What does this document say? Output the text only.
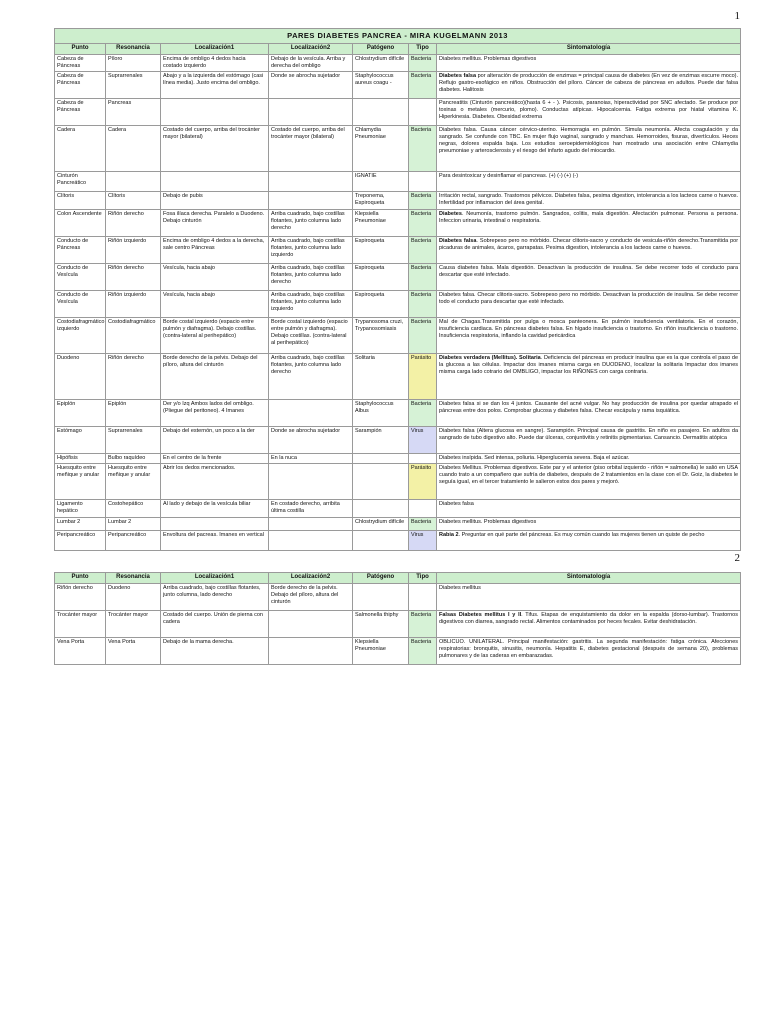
1
PARES DIABETES PANCREA - MIRA KUGELMANN 2013						
Punto	Resonancia	Localización1	Localización2	Patógeno	Tipo	Sintomatología
Cabeza de Páncreas	Píloro	Encima de ombligo 4 dedos hacia costado izquierdo	Debajo de la vesícula. Arriba y derecha del ombligo	Chlostrydium difícile	Bacteria	Diabetes mellitus. Problemas digestivos
Cabeza de Páncreas	Suprarrenales	Abajo y a la izquierda del estómago (casi línea media). Justo encima del ombligo.	Donde se abrocha sujetador	Staphylococcus aureus coagu -	Bacteria	Diabetes falsa por alteración de producción de enzimas = principal causa de diabetes (En vez de enzimas escurre moco). Reflujo gastro-esofágico en niños. Obstrucción del píloro. Cáncer de cabeza de páncreas en adultos. Puede dar falsa diabetes. Halitosis
Cabeza de Páncreas	Pancreas					Pancreatitis (Cinturón pancreático)(hasta 6 + - ). Psicosis, paranoias, hiperactividad por SNC afectado. Se produce por toxinas o metales (mercurio, plomo). Conductas atípicas. Hipocalcemia. Fatiga extrema por hiatal vitamina K. Hiperkinesia. Diabetes. Obesidad extrema
Cadera	Cadera	Costado del cuerpo, arriba del trocánter mayor (bilateral)	Costado del cuerpo, arriba del trocánter mayor (bilateral)	Chlamydia Pneumoniae	Bacteria	Diabetes falsa. Causa cáncer cérvico-uterino. Hemorragia en pulmón. Simula neumonía. Afecta coagulación y da sangrado. Se confunde con TBC. En mujer flujo vaginal, sangrado y manchas. Hemorroides, fisuras, divertículos. Heces negras, dolores espalda baja. Los estudios seroepidemiológicos han mostrado una asociación entre Chlamydia pneumoniae y arterosclerosis y el riesgo del infarto agudo del miocardio.
Cinturón Pancreático				IGNATIE		Para desintoxicar y desinflamar el pancreas. (+) (-) (+) (-)
Clítoris	Clítoris	Debajo de pubis		Treponema, Espiroqueta	Bacteria	Irritación rectal, sangrado. Trastornos pélvicos. Diabetes falsa, pesima digestion, intolerancia a los lacteos carne o huevos. Infertilidad por inflamacion del área genital.
Colon Ascendente	Riñón derecho	Fosa ilíaca derecha. Paralelo a Duodeno. Debajo cinturón	Arriba cuadrado, bajo costillas flotantes, junto columna lado derecho	Klepsiella Pneumoniae	Bacteria	Diabetes. Neumonía, trastorno pulmón. Sangrados, colitis, mala digestión. Afectación pulmonar. Persona a persona. Infeccion urinaria, intestinal o respiratoria.
Conducto de Páncreas	Riñón izquierdo	Encima de ombligo 4 dedos a la derecha, sale centro Páncreas	Arriba cuadrado, bajo costillas flotantes, junto columna lado izquierdo	Espiroqueta	Bacteria	Diabetes falsa. Sobrepeso pero no mórbido. Checar clitoris-sacro y conducto de vesicula-riñón derecho.Transmitida por picaduras de animales, ácaros, garrapatas. Pesima digestion, intolerancia a los lacteos carne o huevos.
Conducto de Vesícula	Riñón derecho	Vesícula, hacia abajo	Arriba cuadrado, bajo costillas flotantes, junto columna lado derecho	Espiroqueta	Bacteria	Causa diabetes falsa. Mala digestión. Desactivan la producción de insulina. Se debe recorrer todo el conducto para descartar que esté infectado.
Conducto de Vesícula	Riñón izquierdo	Vesícula, hacia abajo	Arriba cuadrado, bajo costillas flotantes, junto columna lado izquierdo	Espiroqueta	Bacteria	Diabetes falsa. Checar clitoris-sacro. Sobrepeso pero no mórbido. Desactivan la producción de insulina. Se debe recorrer todo el conducto para descartar que esté infectado.
Costodiafragmático izquierdo	Costodiafragmático	Borde costal izquierdo (espacio entre pulmón y diafragma). Debajo costillas. (contra-lateral al perihepático)	Borde costal izquierdo (espacio entre pulmón y diafragma). Debajo costillas. (contra-lateral al perihepático)	Trypanosoma cruzi, Trypanosomiasis	Bacteria	Mal de Chagas.Transmitida por pulga o mosca panteonera. En pulmón insuficiencia ventilatoria. En el corazón, insuficiencia cardiaca. En páncreas diabetes falsa. En hígado insuficiencia o trastorno. En riñón insuficiencia o trastorno. Insuficiencia respiratoria, inflando la cavidad pericárdica
Duodeno	Riñón derecho	Borde derecho de la pelvis. Debajo del píloro, altura del cinturón	Arriba cuadrado, bajo costillas flotantes, junto columna lado derecho	Solitaria	Parásito	Diabetes verdadera (Mellitus). Solitaria. Deficiencia del páncreas en producir insulina que es la que controla el paso de la glucosa a las células. Impactar dos imanes misma carga en DUODENO, localizar la solitaria Impactar dos imanes misma carga lado cotrario del OMBLIGO, impactar los RIÑONES con carga contraria.
Epiplón	Epiplón	Der y/o Izq Ambos lados del ombligo. (Pliegue del peritoneo). 4 Imanes		Staphylococcus Albus	Bacteria	Diabetes falsa si se dan los 4 juntos. Causante del acné vulgar. No hay producción de insulina por quedar atrapado el páncreas entre dos polos. Comprobar glucosa y diabetes falsa. Checar escápula y rama isquiática.
Estómago	Suprarrenales	Debajo del esternón, un poco a la der	Donde se abrocha sujetador	Sarampión	Virus	Diabetes falsa (Altera glucosa en sangre). Sarampión. Principal causa de gastritis. En niño es pasajero. En adultos da sangrado de tubo digestivo alto. Puede dar úlceras, conjuntivitis y retinitis pigmentarias. Cansancio. Dermatitis atópica
Hipófisis	Bulbo raquídeo	En el centro de la frente	En la nuca			Diabetes insípida. Sed intensa, poliuria. Hiperglucemia severa. Baja el azúcar.
Huesquito entre meñique y anular	Huesquito entre meñique y anular	Abrir los dedos mencionados.			Parásito	Diabetes Mellitus. Problemas digestivos. Este par y el anterior (piso orbital izquierdo - riñón = salmonella) le salió en USA cuando trato a un compañero que sufría de diabetes, después de 2 tratamientos en la clase con el Dr. Goiz, la diabetes le seguía igual, en el tercer tratamiento le salieron estos dos pares y mejoró.
Ligamento hepático	Costohepático	Al lado y debajo de la vesícula biliar	En costado derecho, arribita última costilla			Diabetes falsa
Lumbar 2	Lumbar 2			Chlostrydium difícile	Bacteria	Diabetes mellitus. Problemas digestivos
Peripancreático	Peripancreático	Envoltura del pacreas. Imanes en vertical			Virus	Rabia 2. Preguntar en qué parte del páncreas. Es muy común cuando las mujeres tienen un quiste de pecho
2
Punto	Resonancia	Localización1	Localización2	Patógeno	Tipo	Sintomatología
Riñón derecho	Duodeno	Arriba cuadrado, bajo costillas flotantes, junto columna, lado derecho	Borde derecho de la pelvis. Debajo del píloro, altura del cinturón			Diabetes mellitus
Trocánter mayor	Trocánter mayor	Costado del cuerpo. Unión de pierna con cadera		Salmonella thiphy	Bacteria	Falsas Diabetes mellitus I y II. Tifus. Etapas de enquistamiento da dolor en la espalda (dorso-lumbar). Trastornos digestivos con diarrea, sangrado rectal. Alimentos contaminados por heces fecales. Evitar deshidratación.
Vena Porta	Vena Porta	Debajo de la mama derecha.		Klepsiella Pneumoniae	Bacteria	OBLICUO. UNILATERAL. Principal manifestación: gastritis. La segunda manifestación: fatiga crónica. Afecciones respiratorias: bronquitis, sinusitis, neumonía. Hepatitis E, diabetes gestacional (después de semana 20), problemas pulmonares y de las caderas en embarazadas.
